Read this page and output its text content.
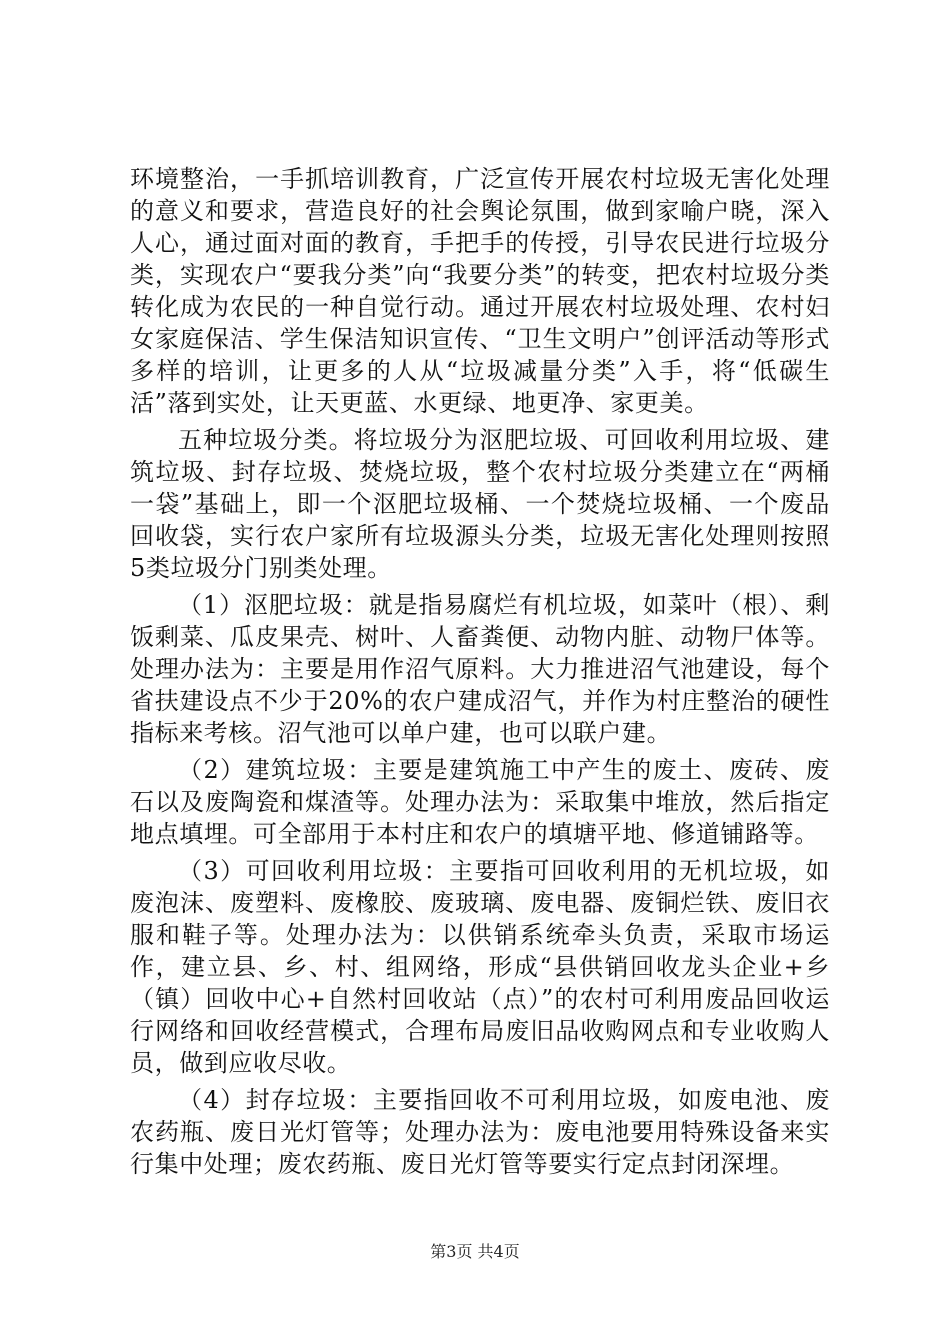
环境整治，一手抓培训教育，广泛宣传开展农村垃圾无害化处理的意义和要求，营造良好的社会舆论氛围，做到家喻户晓，深入人心，通过面对面的教育，手把手的传授，引导农民进行垃圾分类，实现农户“要我分类”向“我要分类”的转变，把农村垃圾分类转化成为农民的一种自觉行动。通过开展农村垃圾处理、农村妇女家庭保洁、学生保洁知识宣传、“卫生文明户”创评活动等形式多样的培训，让更多的人从“垃圾减量分类”入手，将“低碳生活”落到实处，让天更蓝、水更绿、地更净、家更美。

五种垃圾分类。将垃圾分为沤肥垃圾、可回收利用垃圾、建筑垃圾、封存垃圾、焚烧垃圾，整个农村垃圾分类建立在“两桶一袋”基础上，即一个沤肥垃圾桶、一个焚烧垃圾桶、一个废品回收袋，实行农户家所有垃圾源头分类，垃圾无害化处理则按照5类垃圾分门别类处理。

（1）沤肥垃圾：就是指易腐烂有机垃圾，如菜叶（根）、剩饭剩菜、瓜皮果壳、树叶、人畜粪便、动物内脏、动物尸体等。处理办法为：主要是用作沼气原料。大力推进沼气池建设，每个省扶建设点不少于20%的农户建成沼气，并作为村庄整治的硬性指标来考核。沼气池可以单户建，也可以联户建。

（2）建筑垃圾：主要是建筑施工中产生的废土、废砖、废石以及废陶瓷和煤渣等。处理办法为：采取集中堆放，然后指定地点填埋。可全部用于本村庄和农户的填塘平地、修道铺路等。

（3）可回收利用垃圾：主要指可回收利用的无机垃圾，如废泡沫、废塑料、废橡胶、废玻璃、废电器、废铜烂铁、废旧衣服和鞋子等。处理办法为：以供销系统牵头负责，采取市场运作，建立县、乡、村、组网络，形成“县供销回收龙头企业+乡（镇）回收中心+自然村回收站（点）”的农村可利用废品回收运行网络和回收经营模式，合理布局废旧品收购网点和专业收购人员，做到应收尽收。

（4）封存垃圾：主要指回收不可利用垃圾，如废电池、废农药瓶、废日光灯管等；处理办法为：废电池要用特殊设备来实行集中处理；废农药瓶、废日光灯管等要实行定点封闭深埋。

第3页 共4页
